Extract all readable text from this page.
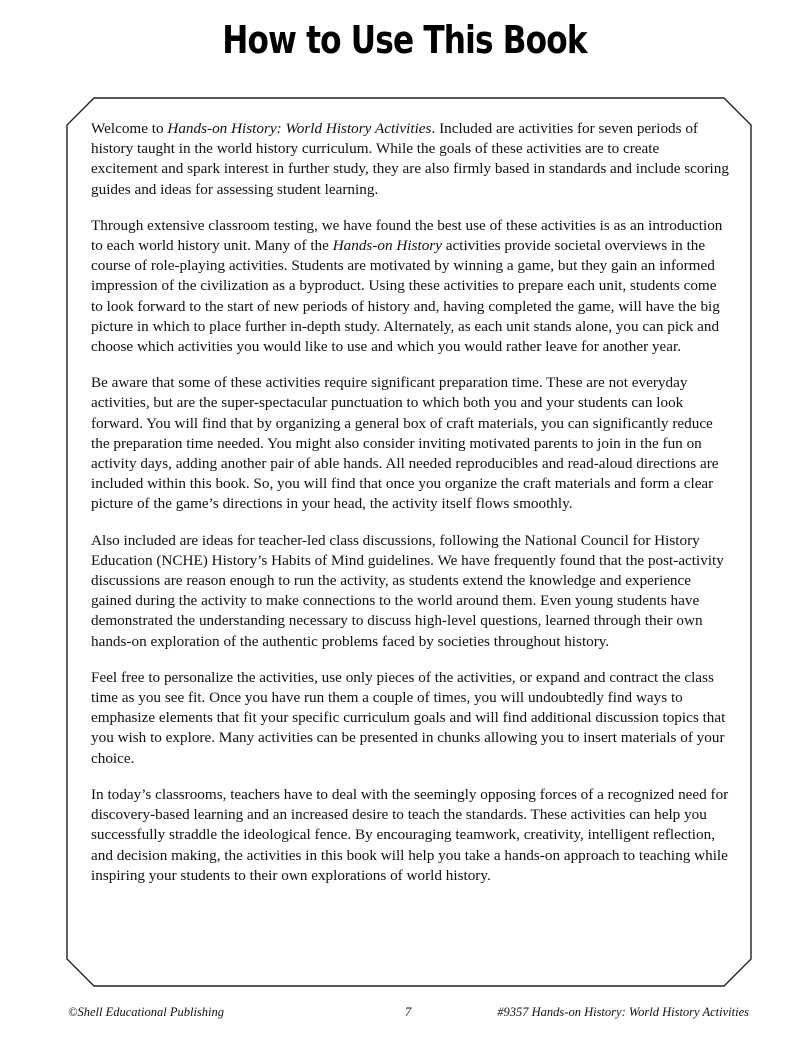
How to Use This Book

Welcome to Hands-on History: World History Activities. Included are activities for seven periods of history taught in the world history curriculum. While the goals of these activities are to create excitement and spark interest in further study, they are also firmly based in standards and include scoring guides and ideas for assessing student learning.

Through extensive classroom testing, we have found the best use of these activities is as an introduction to each world history unit. Many of the Hands-on History activities provide societal overviews in the course of role-playing activities. Students are motivated by winning a game, but they gain an informed impression of the civilization as a byproduct. Using these activities to prepare each unit, students come to look forward to the start of new periods of history and, having completed the game, will have the big picture in which to place further in-depth study. Alternately, as each unit stands alone, you can pick and choose which activities you would like to use and which you would rather leave for another year.

Be aware that some of these activities require significant preparation time. These are not everyday activities, but are the super-spectacular punctuation to which both you and your students can look forward. You will find that by organizing a general box of craft materials, you can significantly reduce the preparation time needed. You might also consider inviting motivated parents to join in the fun on activity days, adding another pair of able hands. All needed reproducibles and read-aloud directions are included within this book. So, you will find that once you organize the craft materials and form a clear picture of the game’s directions in your head, the activity itself flows smoothly.

Also included are ideas for teacher-led class discussions, following the National Council for History Education (NCHE) History’s Habits of Mind guidelines. We have frequently found that the post-activity discussions are reason enough to run the activity, as students extend the knowledge and experience gained during the activity to make connections to the world around them. Even young students have demonstrated the understanding necessary to discuss high-level questions, learned through their own hands-on exploration of the authentic problems faced by societies throughout history.

Feel free to personalize the activities, use only pieces of the activities, or expand and contract the class time as you see fit. Once you have run them a couple of times, you will undoubtedly find ways to emphasize elements that fit your specific curriculum goals and will find additional discussion topics that you wish to explore. Many activities can be presented in chunks allowing you to insert materials of your choice.

In today’s classrooms, teachers have to deal with the seemingly opposing forces of a recognized need for discovery-based learning and an increased desire to teach the standards. These activities can help you successfully straddle the ideological fence. By encouraging teamwork, creativity, intelligent reflection, and decision making, the activities in this book will help you take a hands-on approach to teaching while inspiring your students to their own explorations of world history.

©Shell Educational Publishing	7	#9357 Hands-on History: World History Activities
